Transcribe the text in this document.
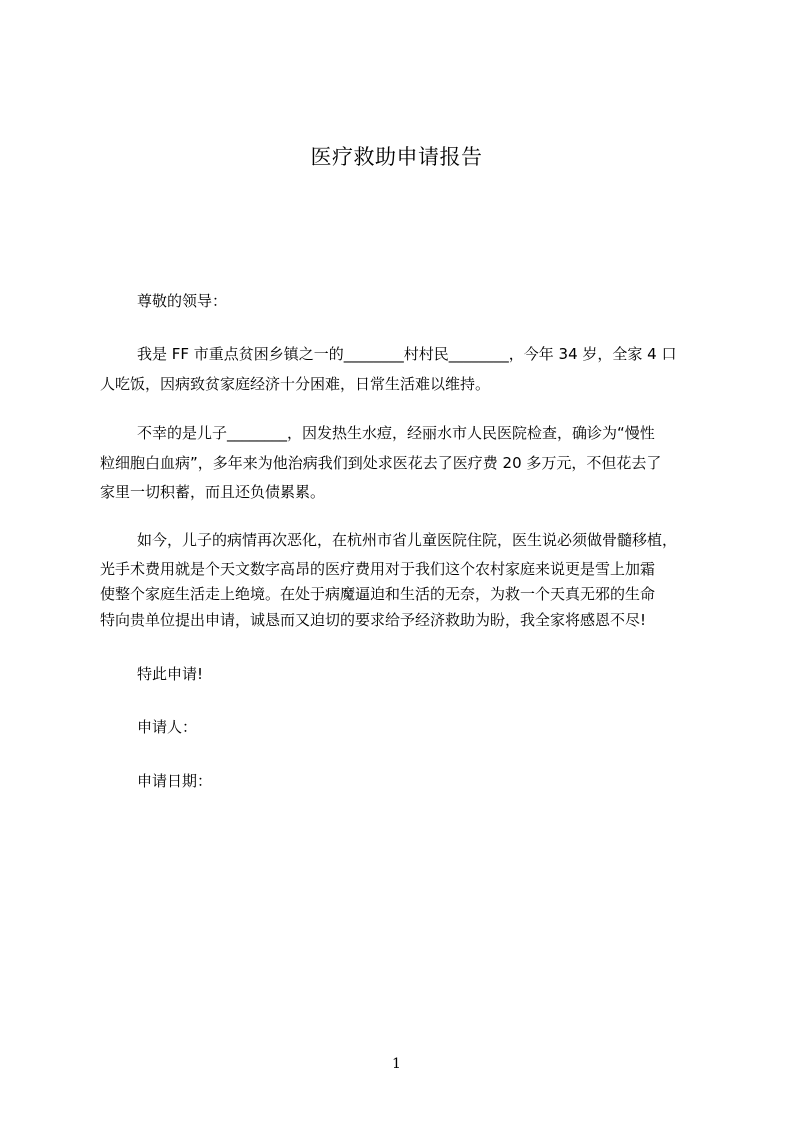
医疗救助申请报告
尊敬的领导：
我是 FF 市重点贫困乡镇之一的________村村民________，今年 34 岁，全家 4 口
人吃饭，因病致贫家庭经济十分困难，日常生活难以维持。
不幸的是儿子________，因发热生水痘，经丽水市人民医院检查，确诊为“慢性
粒细胞白血病”，多年来为他治病我们到处求医花去了医疗费 20 多万元，不但花去了
家里一切积蓄，而且还负债累累。
如今，儿子的病情再次恶化，在杭州市省儿童医院住院，医生说必须做骨髓移植，
光手术费用就是个天文数字高昂的医疗费用对于我们这个农村家庭来说更是雪上加霜
使整个家庭生活走上绝境。在处于病魔逼迫和生活的无奈，为救一个天真无邪的生命
特向贵单位提出申请，诚恳而又迫切的要求给予经济救助为盼，我全家将感恩不尽!
特此申请!
申请人：
申请日期：
1
